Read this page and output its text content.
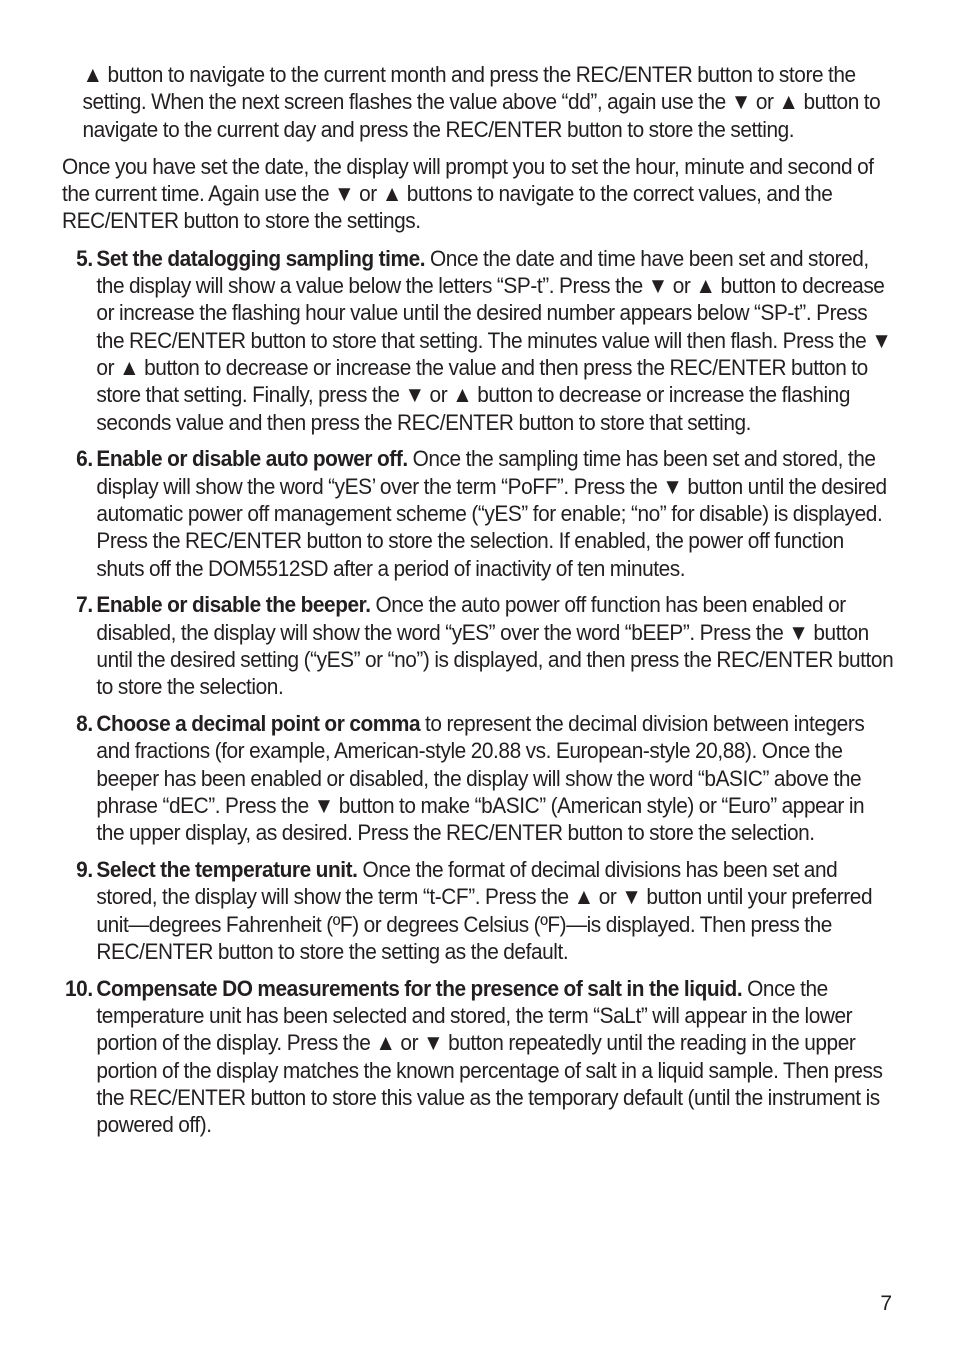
▲ button to navigate to the current month and press the REC/ENTER button to store the setting. When the next screen flashes the value above “dd”, again use the ▼ or ▲ button to navigate to the current day and press the REC/ENTER button to store the setting.

Once you have set the date, the display will prompt you to set the hour, minute and second of the current time. Again use the ▼ or ▲ buttons to navigate to the correct values, and the REC/ENTER button to store the settings.

5. Set the datalogging sampling time. Once the date and time have been set and stored, the display will show a value below the letters “SP-t”. Press the ▼ or ▲ button to decrease or increase the flashing hour value until the desired number appears below “SP-t”. Press the REC/ENTER button to store that setting. The minutes value will then flash. Press the ▼ or ▲ button to decrease or increase the value and then press the REC/ENTER button to store that setting. Finally, press the ▼ or ▲ button to decrease or increase the flashing seconds value and then press the REC/ENTER button to store that setting.
6. Enable or disable auto power off. Once the sampling time has been set and stored, the display will show the word “yES’ over the term “PoFF”. Press the ▼ button until the desired automatic power off management scheme (“yES” for enable; “no” for disable) is displayed. Press the REC/ENTER button to store the selection. If enabled, the power off function shuts off the DOM5512SD after a period of inactivity of ten minutes.
7. Enable or disable the beeper. Once the auto power off function has been enabled or disabled, the display will show the word “yES” over the word “bEEP”. Press the ▼ button until the desired setting (“yES” or “no”) is displayed, and then press the REC/ENTER button to store the selection.
8. Choose a decimal point or comma to represent the decimal division between integers and fractions (for example, American-style 20.88 vs. European-style 20,88). Once the beeper has been enabled or disabled, the display will show the word “bASIC” above the phrase “dEC”. Press the ▼ button to make “bASIC” (American style) or “Euro” appear in the upper display, as desired. Press the REC/ENTER button to store the selection.
9. Select the temperature unit. Once the format of decimal divisions has been set and stored, the display will show the term “t-CF”. Press the ▲ or ▼ button until your preferred unit—degrees Fahrenheit (ºF) or degrees Celsius (ºF)—is displayed. Then press the REC/ENTER button to store the setting as the default.
10. Compensate DO measurements for the presence of salt in the liquid. Once the temperature unit has been selected and stored, the term “SaLt” will appear in the lower portion of the display. Press the ▲ or ▼ button repeatedly until the reading in the upper portion of the display matches the known percentage of salt in a liquid sample. Then press the REC/ENTER button to store this value as the temporary default (until the instrument is powered off).
7
